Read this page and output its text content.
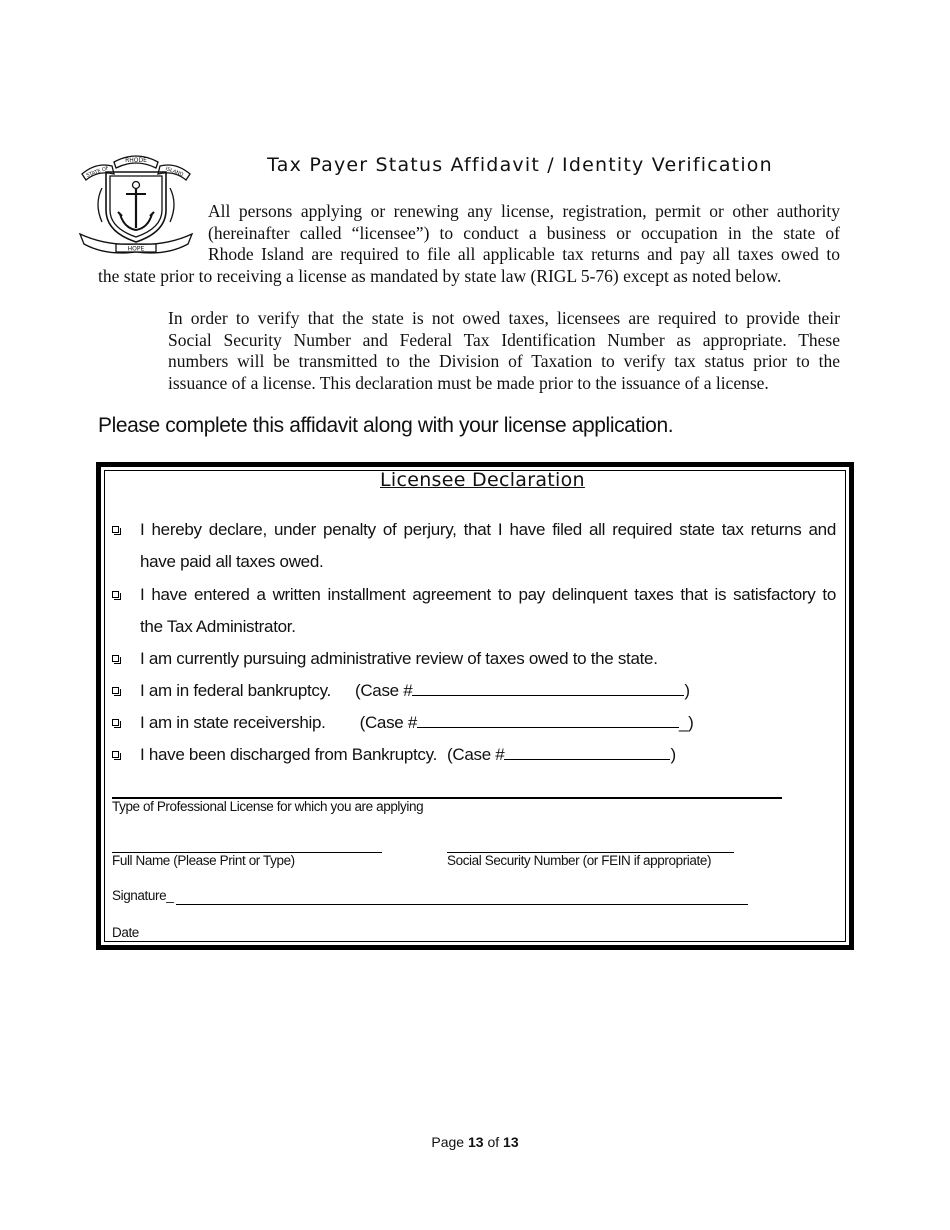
RHODE
STATE OF	ISLAND
HOPE
Tax Payer Status Affidavit / Identity Verification
All persons applying or renewing any license, registration, permit or other authority
(hereinafter called “licensee”) to conduct a business or occupation in the state of
Rhode Island are required to file all applicable tax returns and pay all taxes owed to
the state prior to receiving a license as mandated by state law (RIGL 5-76) except as noted below.
In order to verify that the state is not owed taxes, licensees are required to provide their
Social Security Number and Federal Tax Identification Number as appropriate. These
numbers will be transmitted to the Division of Taxation to verify tax status prior to the
issuance of a license. This declaration must be made prior to the issuance of a license.
Please complete this affidavit along with your license application.
Licensee Declaration
I hereby declare, under penalty of perjury, that I have filed all required state tax returns and
have paid all taxes owed.
I have entered a written installment agreement to pay delinquent taxes that is satisfactory to
the Tax Administrator.
I am currently pursuing administrative review of taxes owed to the state.
I am in federal bankruptcy. (Case #	)
I am in state receivership. (Case #	_)
I have been discharged from Bankruptcy. (Case #	)
Type of Professional License for which you are applying
Full Name (Please Print or Type)	Social Security Number (or FEIN if appropriate)
Signature_
Date
Page 13 of 13
